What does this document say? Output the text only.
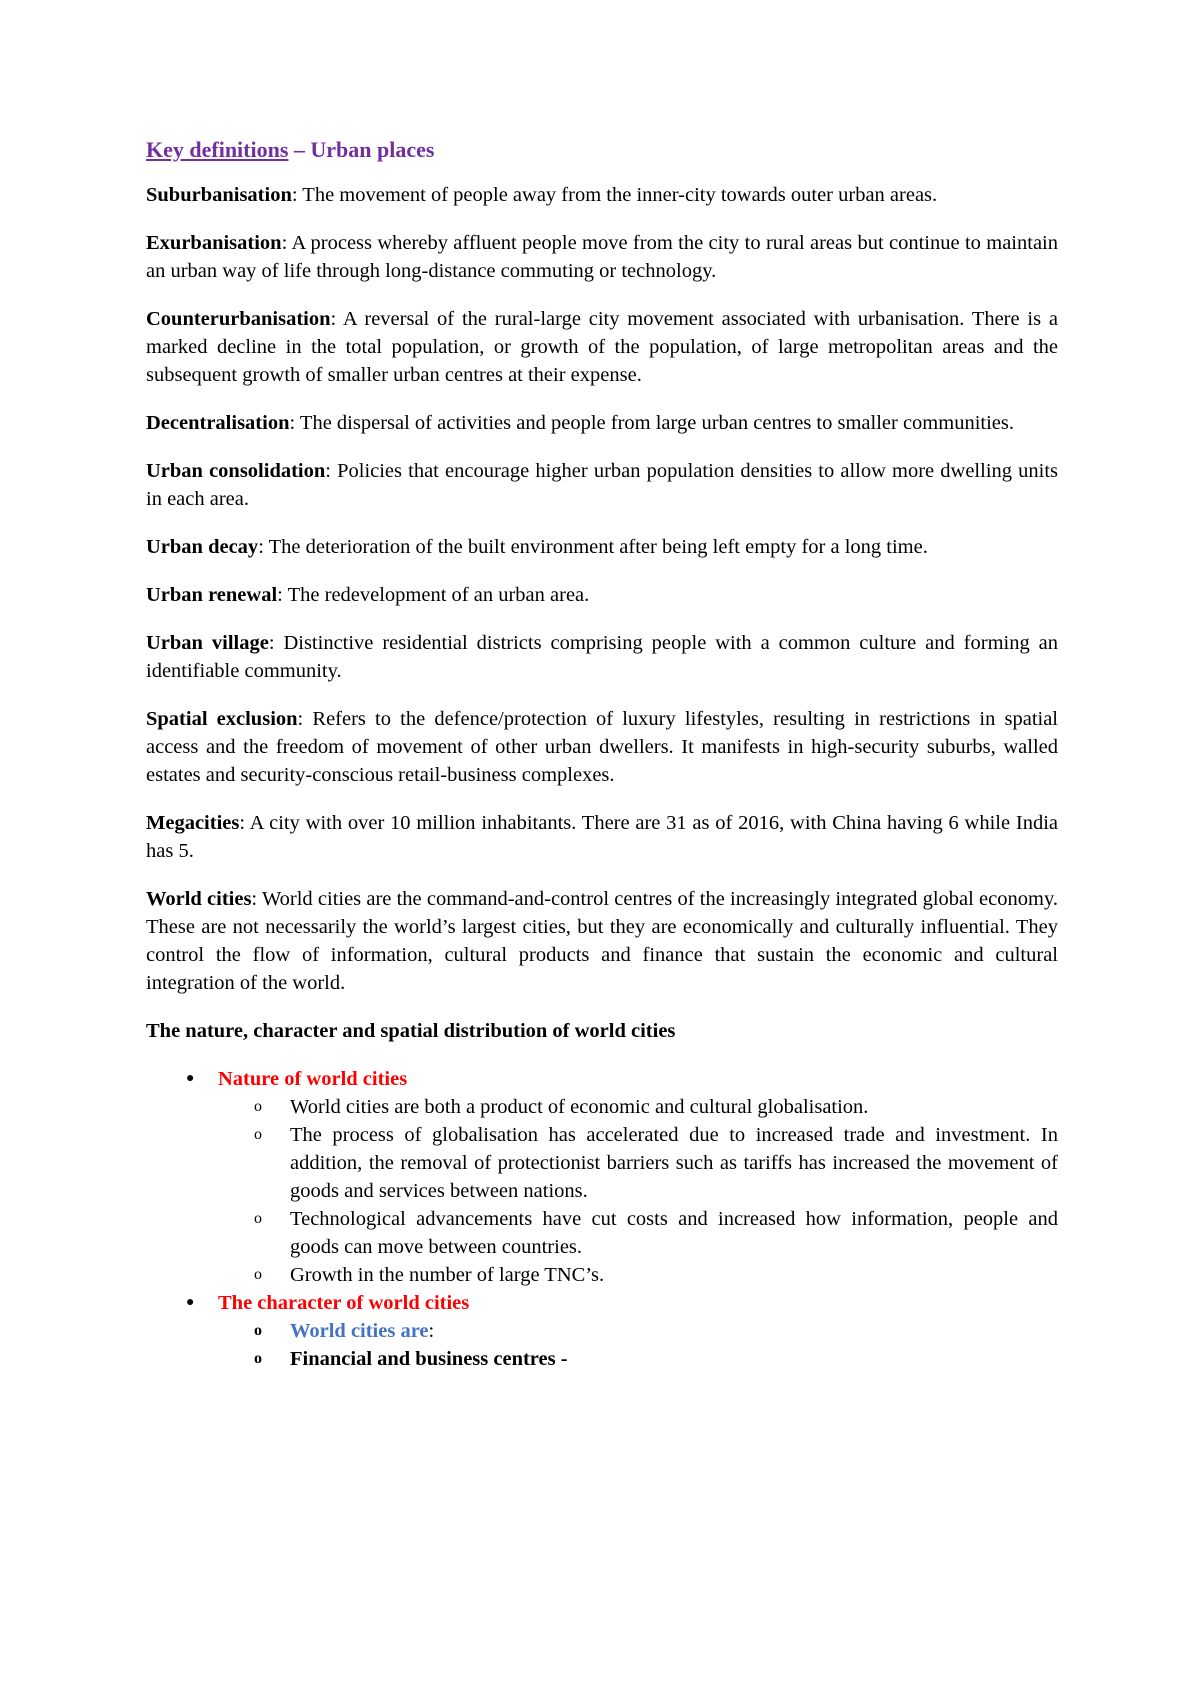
Key definitions – Urban places

Suburbanisation: The movement of people away from the inner-city towards outer urban areas.

Exurbanisation: A process whereby affluent people move from the city to rural areas but continue to maintain an urban way of life through long-distance commuting or technology.

Counterurbanisation: A reversal of the rural-large city movement associated with urbanisation. There is a marked decline in the total population, or growth of the population, of large metropolitan areas and the subsequent growth of smaller urban centres at their expense.

Decentralisation: The dispersal of activities and people from large urban centres to smaller communities.

Urban consolidation: Policies that encourage higher urban population densities to allow more dwelling units in each area.

Urban decay: The deterioration of the built environment after being left empty for a long time.

Urban renewal: The redevelopment of an urban area.

Urban village: Distinctive residential districts comprising people with a common culture and forming an identifiable community.

Spatial exclusion: Refers to the defence/protection of luxury lifestyles, resulting in restrictions in spatial access and the freedom of movement of other urban dwellers. It manifests in high-security suburbs, walled estates and security-conscious retail-business complexes.

Megacities: A city with over 10 million inhabitants. There are 31 as of 2016, with China having 6 while India has 5.

World cities: World cities are the command-and-control centres of the increasingly integrated global economy. These are not necessarily the world’s largest cities, but they are economically and culturally influential. They control the flow of information, cultural products and finance that sustain the economic and cultural integration of the world.

The nature, character and spatial distribution of world cities

● Nature of world cities
o World cities are both a product of economic and cultural globalisation.
o The process of globalisation has accelerated due to increased trade and investment. In addition, the removal of protectionist barriers such as tariffs has increased the movement of goods and services between nations.
o Technological advancements have cut costs and increased how information, people and goods can move between countries.
o Growth in the number of large TNC’s.
● The character of world cities
o World cities are:
o Financial and business centres -
